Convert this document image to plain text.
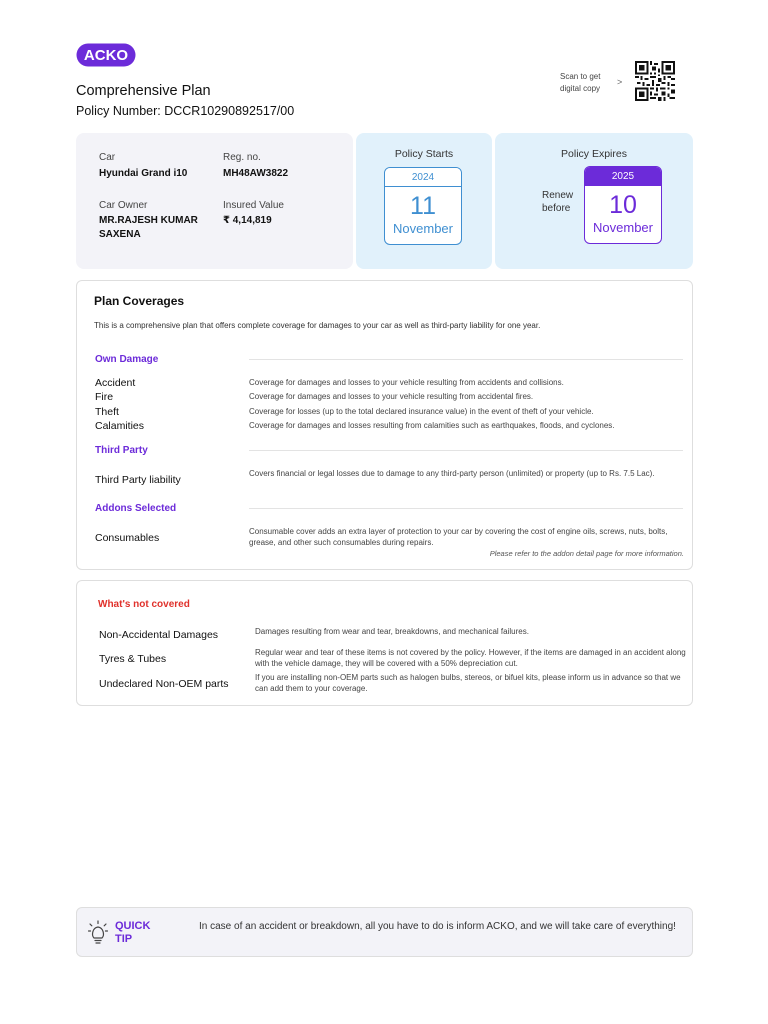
ACKO
Comprehensive Plan
Policy Number: DCCR10290892517/00
Scan to get digital copy
>
Car
Hyundai Grand i10
Reg. no.
MH48AW3822
Car Owner
MR.RAJESH KUMAR SAXENA
Insured Value
₹ 4,14,819
Policy Starts
2024
11
November
Policy Expires
Renew before
2025
10
November
Plan Coverages
This is a comprehensive plan that offers complete coverage for damages to your car as well as third-party liability for one year.
Own Damage
Accident	Coverage for damages and losses to your vehicle resulting from accidents and collisions.
Fire	Coverage for damages and losses to your vehicle resulting from accidental fires.
Theft	Coverage for losses (up to the total declared insurance value) in the event of theft of your vehicle.
Calamities	Coverage for damages and losses resulting from calamities such as earthquakes, floods, and cyclones.
Third Party
Third Party liability
Covers financial or legal losses due to damage to any third-party person (unlimited) or property (up to Rs. 7.5 Lac).
Addons Selected
Consumables
Consumable cover adds an extra layer of protection to your car by covering the cost of engine oils, screws, nuts, bolts, grease, and other such consumables during repairs.
Please refer to the addon detail page for more information.
What's not covered
Non-Accidental Damages	Damages resulting from wear and tear, breakdowns, and mechanical failures.
Tyres & Tubes
Regular wear and tear of these items is not covered by the policy. However, if the items are damaged in an accident along with the vehicle damage, they will be covered with a 50% depreciation cut.
Undeclared Non-OEM parts
If you are installing non-OEM parts such as halogen bulbs, stereos, or bifuel kits, please inform us in advance so that we can add them to your coverage.
QUICK TIP
In case of an accident or breakdown, all you have to do is inform ACKO, and we will take care of everything!
